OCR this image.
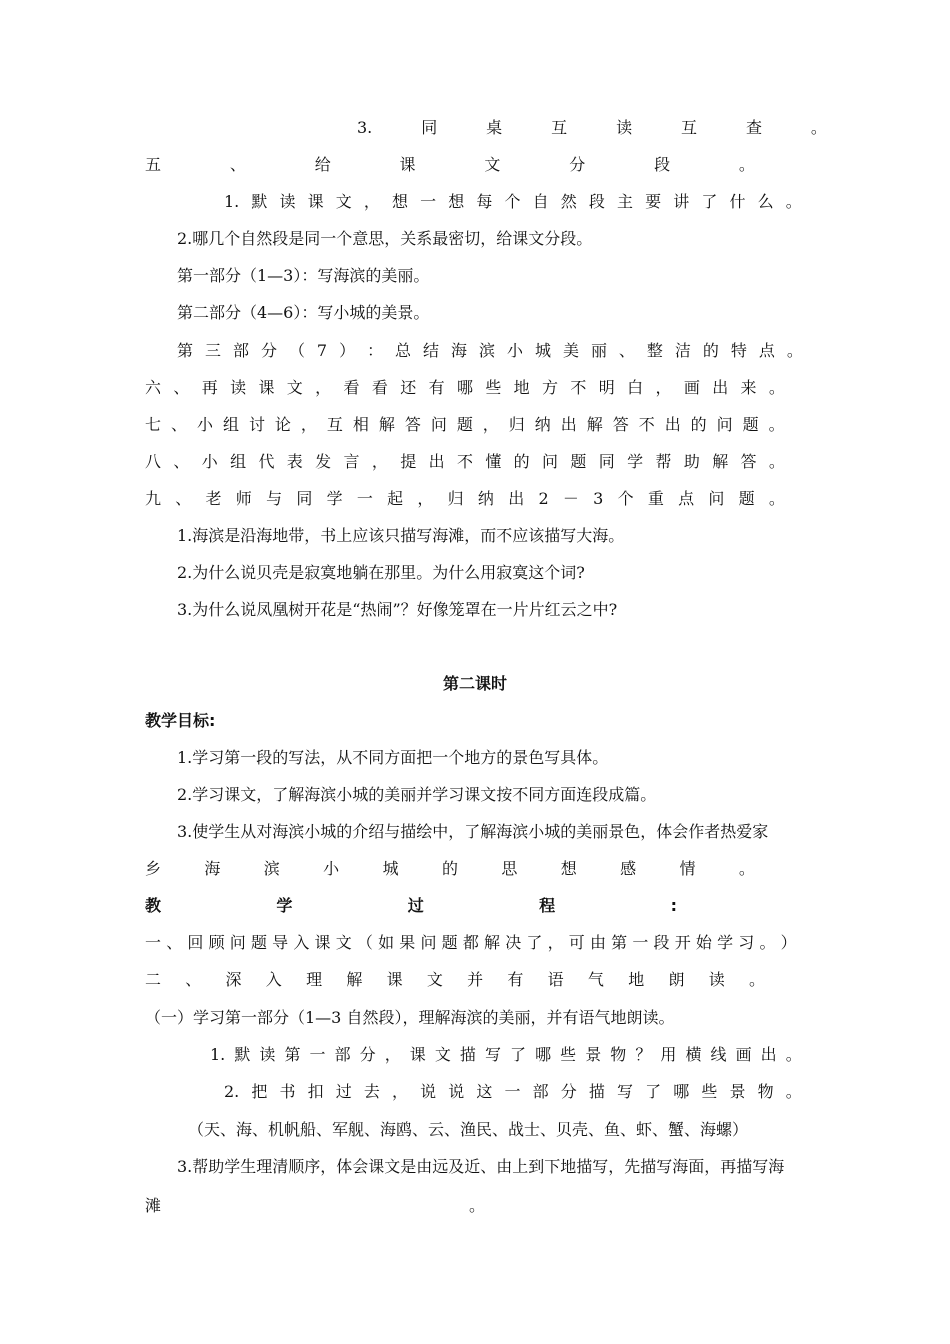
3.	同	桌	互	读	互	查	。
五	、	给	课	文	分	段	。
1. 默 读 课 文 ， 想 一 想 每 个 自 然 段 主 要 讲 了 什 么 。
2.哪几个自然段是同一个意思，关系最密切，给课文分段。
第一部分（1—3）：写海滨的美丽。
第二部分（4—6）：写小城的美景。
第 三 部 分 （ 7 ） ： 总 结 海 滨 小 城 美 丽 、 整 洁 的 特 点 。
六 、 再 读 课 文 ， 看 看 还 有 哪 些 地 方 不 明 白 ， 画 出 来 。
七 、 小 组 讨 论 ， 互 相 解 答 问 题 ， 归 纳 出 解 答 不 出 的 问 题 。
八 、 小 组 代 表 发 言 ， 提 出 不 懂 的 问 题 同 学 帮 助 解 答 。
九 、 老 师 与 同 学 一 起 ， 归 纳 出 2 － 3 个 重 点 问 题 。
1.海滨是沿海地带，书上应该只描写海滩，而不应该描写大海。
2.为什么说贝壳是寂寞地躺在那里。为什么用寂寞这个词?
3.为什么说凤凰树开花是“热闹”？好像笼罩在一片片红云之中?
第二课时
教学目标:
1.学习第一段的写法，从不同方面把一个地方的景色写具体。
2.学习课文，了解海滨小城的美丽并学习课文按不同方面连段成篇。
3.使学生从对海滨小城的介绍与描绘中，了解海滨小城的美丽景色，体会作者热爱家
乡	海	滨	小	城	的	思	想	感	情	。
教	学	过	程	:
一 、 回 顾 问 题 导 入 课 文 （ 如 果 问 题 都 解 决 了 ， 可 由 第 一 段 开 始 学 习 。 ）
二 、 深 入 理 解 课 文 并 有 语 气 地 朗 读 。
（一）学习第一部分（1—3 自然段），理解海滨的美丽，并有语气地朗读。
1. 默 读 第 一 部 分 ， 课 文 描 写 了 哪 些 景 物 ？ 用 横 线 画 出 。
2. 把 书 扣 过 去 ， 说 说 这 一 部 分 描 写 了 哪 些 景 物 。
（天、海、机帆船、军舰、海鸥、云、渔民、战士、贝壳、鱼、虾、蟹、海螺）
3.帮助学生理清顺序，体会课文是由远及近、由上到下地描写，先描写海面，再描写海
滩	。
